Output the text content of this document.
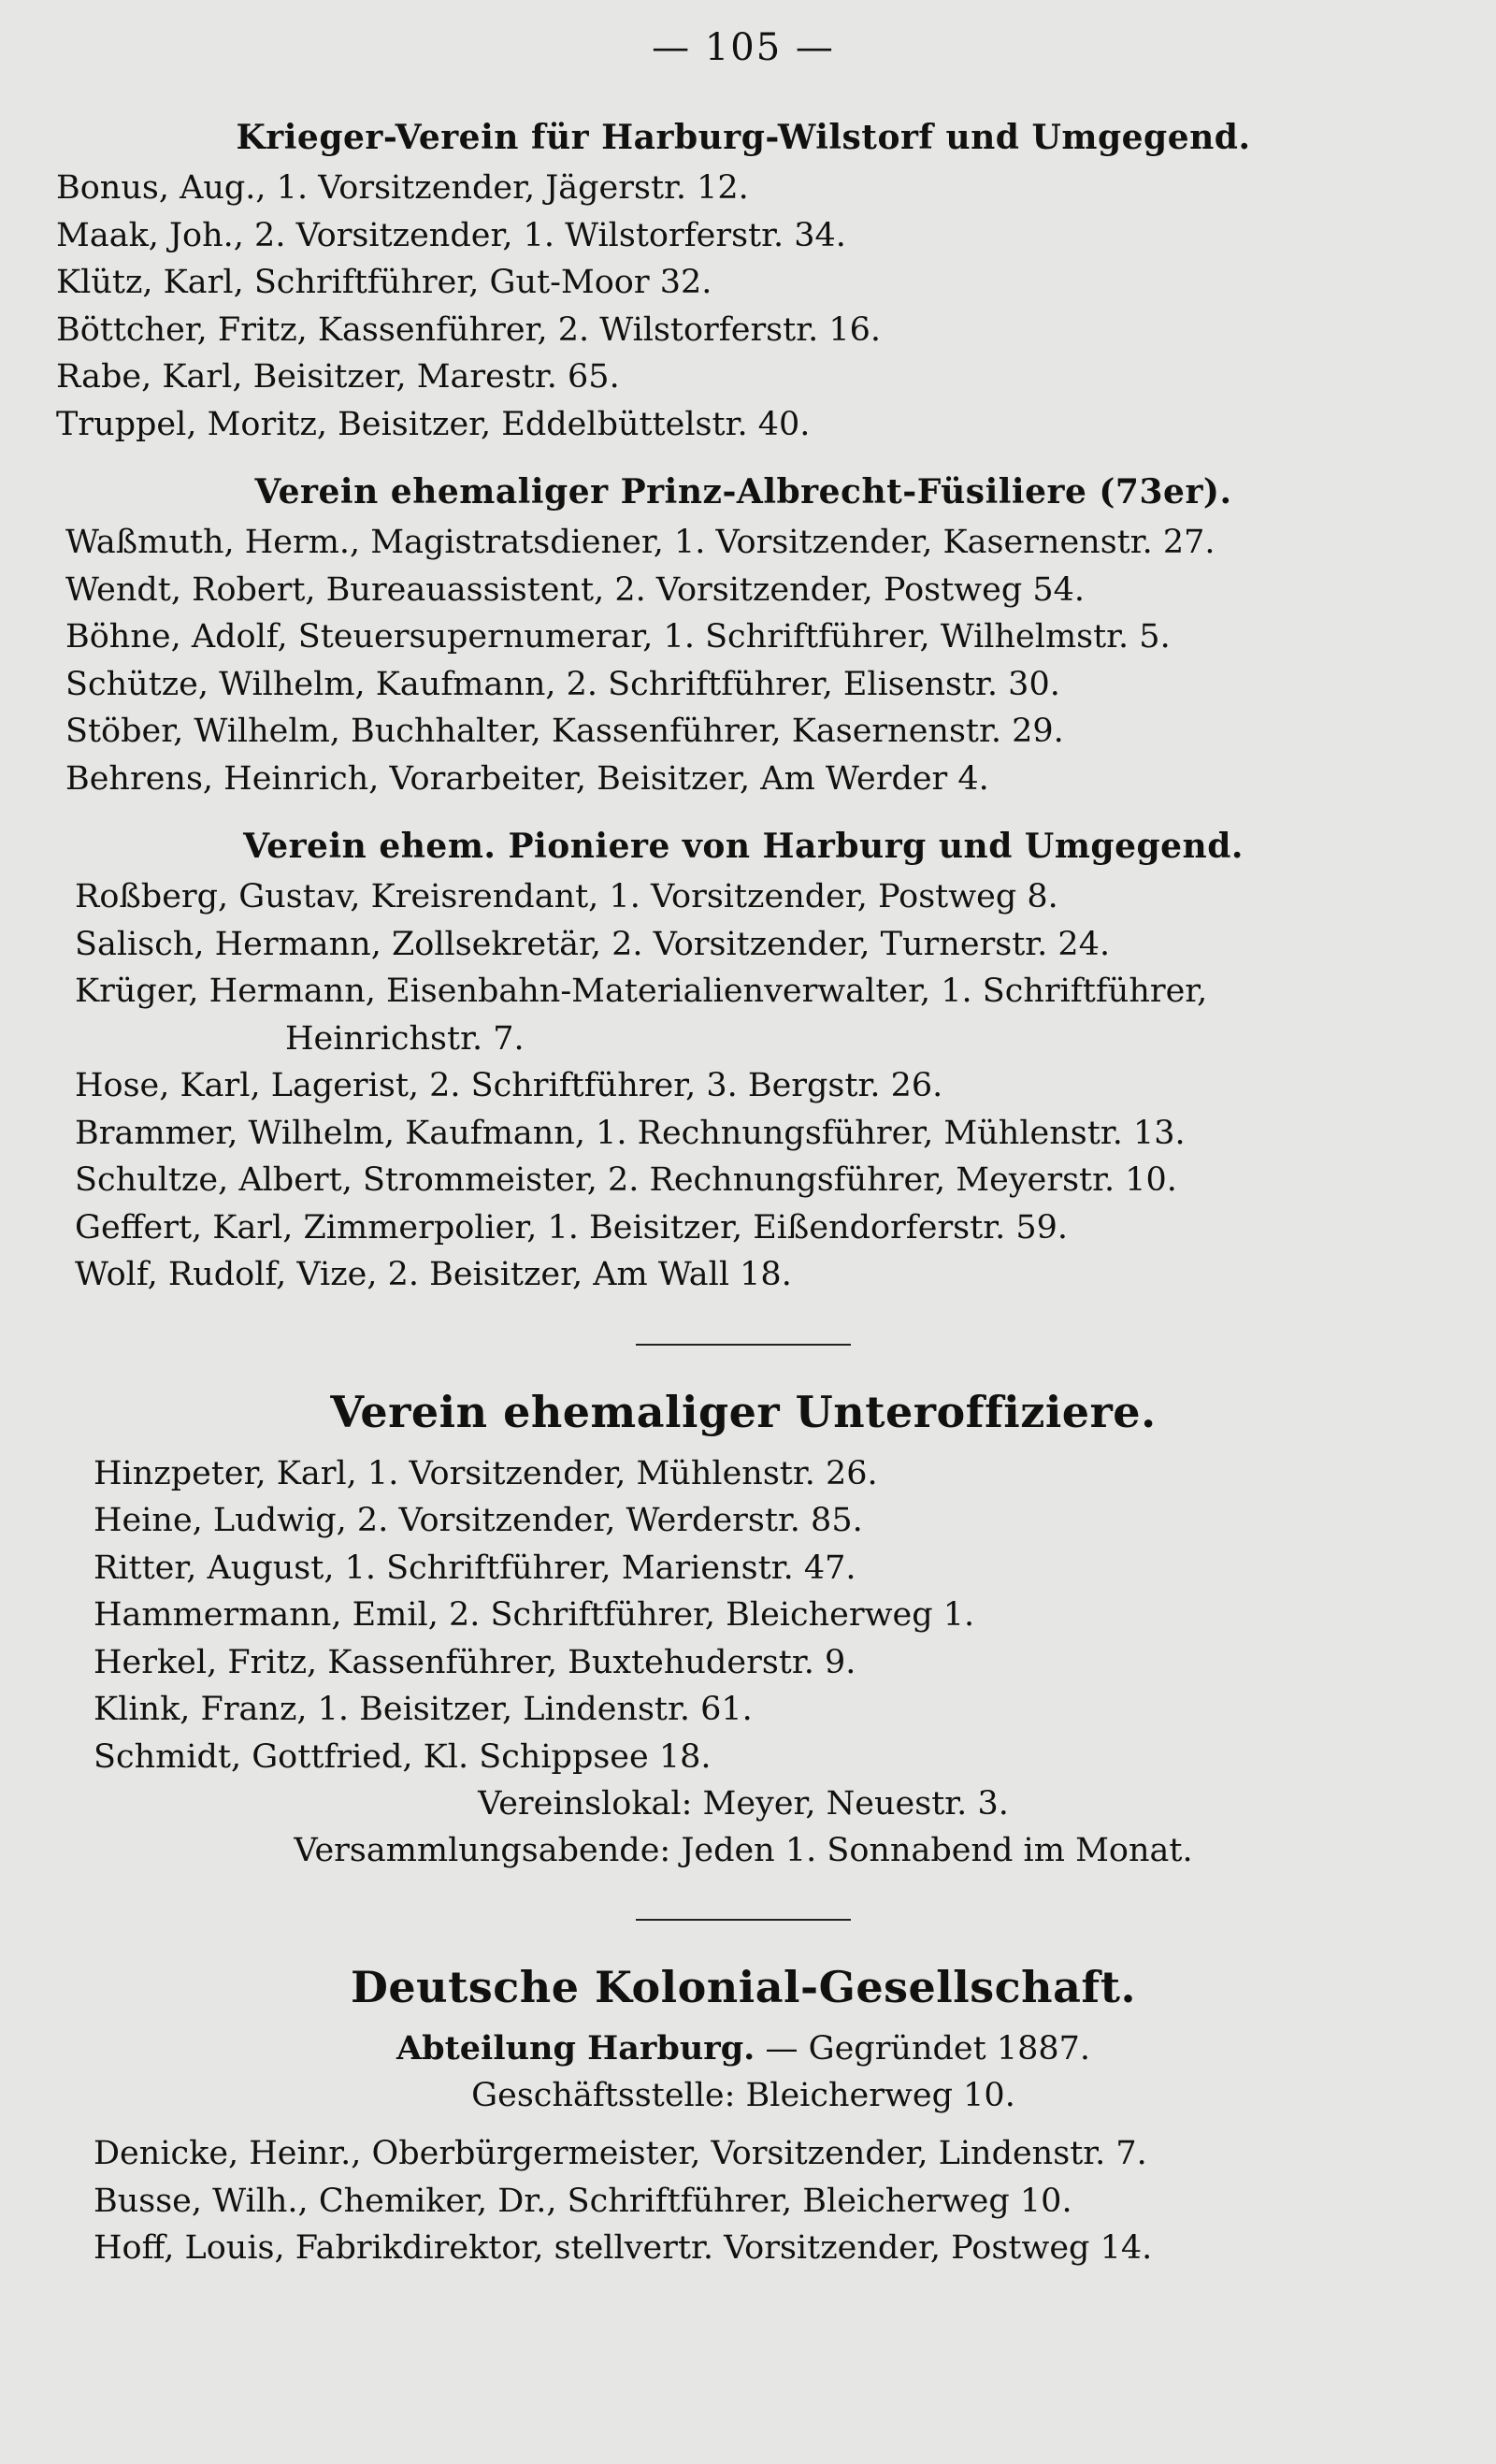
— 105 —
Krieger-Verein für Harburg-Wilstorf und Umgegend.
Bonus, Aug., 1. Vorsitzender, Jägerstr. 12.
Maak, Joh., 2. Vorsitzender, 1. Wilstorferstr. 34.
Klütz, Karl, Schriftführer, Gut-Moor 32.
Böttcher, Fritz, Kassenführer, 2. Wilstorferstr. 16.
Rabe, Karl, Beisitzer, Marestr. 65.
Truppel, Moritz, Beisitzer, Eddelbüttelstr. 40.
Verein ehemaliger Prinz-Albrecht-Füsiliere (73er).
Waßmuth, Herm., Magistratsdiener, 1. Vorsitzender, Kasernenstr. 27.
Wendt, Robert, Bureauassistent, 2. Vorsitzender, Postweg 54.
Böhne, Adolf, Steuersupernumerar, 1. Schriftführer, Wilhelmstr. 5.
Schütze, Wilhelm, Kaufmann, 2. Schriftführer, Elisenstr. 30.
Stöber, Wilhelm, Buchhalter, Kassenführer, Kasernenstr. 29.
Behrens, Heinrich, Vorarbeiter, Beisitzer, Am Werder 4.
Verein ehem. Pioniere von Harburg und Umgegend.
Roßberg, Gustav, Kreisrendant, 1. Vorsitzender, Postweg 8.
Salisch, Hermann, Zollsekretär, 2. Vorsitzender, Turnerstr. 24.
Krüger, Hermann, Eisenbahn-Materialienverwalter, 1. Schriftführer,
Heinrichstr. 7.
Hose, Karl, Lagerist, 2. Schriftführer, 3. Bergstr. 26.
Brammer, Wilhelm, Kaufmann, 1. Rechnungsführer, Mühlenstr. 13.
Schultze, Albert, Strommeister, 2. Rechnungsführer, Meyerstr. 10.
Geffert, Karl, Zimmerpolier, 1. Beisitzer, Eißendorferstr. 59.
Wolf, Rudolf, Vize, 2. Beisitzer, Am Wall 18.
Verein ehemaliger Unteroffiziere.
Hinzpeter, Karl, 1. Vorsitzender, Mühlenstr. 26.
Heine, Ludwig, 2. Vorsitzender, Werderstr. 85.
Ritter, August, 1. Schriftführer, Marienstr. 47.
Hammermann, Emil, 2. Schriftführer, Bleicherweg 1.
Herkel, Fritz, Kassenführer, Buxtehuderstr. 9.
Klink, Franz, 1. Beisitzer, Lindenstr. 61.
Schmidt, Gottfried, Kl. Schippsee 18.
Vereinslokal: Meyer, Neuestr. 3.
Versammlungsabende: Jeden 1. Sonnabend im Monat.
Deutsche Kolonial-Gesellschaft.
Abteilung Harburg. — Gegründet 1887.
Geschäftsstelle: Bleicherweg 10.
Denicke, Heinr., Oberbürgermeister, Vorsitzender, Lindenstr. 7.
Busse, Wilh., Chemiker, Dr., Schriftführer, Bleicherweg 10.
Hoff, Louis, Fabrikdirektor, stellvertr. Vorsitzender, Postweg 14.
